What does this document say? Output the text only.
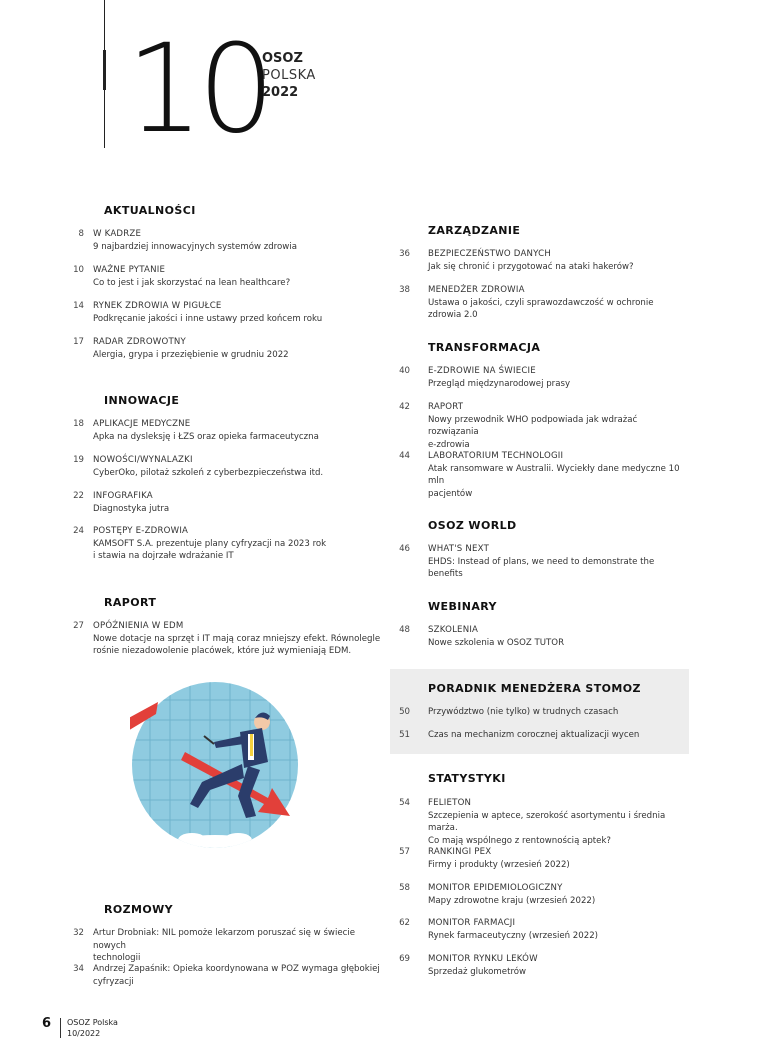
10
OSOZ
POLSKA
2022
AKTUALNOŚCI
8 W KADRZE
9 najbardziej innowacyjnych systemów zdrowia
10 WAŻNE PYTANIE
Co to jest i jak skorzystać na lean healthcare?
14 RYNEK ZDROWIA W PIGUŁCE
Podkręcanie jakości i inne ustawy przed końcem roku
17 RADAR ZDROWOTNY
Alergia, grypa i przeziębienie w grudniu 2022
INNOWACJE
18 APLIKACJE MEDYCZNE
Apka na dysleksję i ŁZS oraz opieka farmaceutyczna
19 NOWOŚCI/WYNALAZKI
CyberOko, pilotaż szkoleń z cyberbezpieczeństwa itd.
22 INFOGRAFIKA
Diagnostyka jutra
24 POSTĘPY E-ZDROWIA
KAMSOFT S.A. prezentuje plany cyfryzacji na 2023 rok
i stawia na dojrzałe wdrażanie IT
RAPORT
27 OPÓŹNIENIA W EDM
Nowe dotacje na sprzęt i IT mają coraz mniejszy efekt. Równolegle
rośnie niezadowolenie placówek, które już wymieniają EDM.
ROZMOWY
32 Artur Drobniak: NIL pomoże lekarzom poruszać się w świecie nowych
technologii
34 Andrzej Zapaśnik: Opieka koordynowana w POZ wymaga głębokiej
cyfryzacji
ZARZĄDZANIE
36 BEZPIECZEŃSTWO DANYCH
Jak się chronić i przygotować na ataki hakerów?
38 MENEDŻER ZDROWIA
Ustawa o jakości, czyli sprawozdawczość w ochronie zdrowia 2.0
TRANSFORMACJA
40 E-ZDROWIE NA ŚWIECIE
Przegląd międzynarodowej prasy
42 RAPORT
Nowy przewodnik WHO podpowiada jak wdrażać rozwiązania
e-zdrowia
44 LABORATORIUM TECHNOLOGII
Atak ransomware w Australii. Wyciekły dane medyczne 10 mln
pacjentów
OSOZ WORLD
46 WHAT'S NEXT
EHDS: Instead of plans, we need to demonstrate the benefits
WEBINARY
48 SZKOLENIA
Nowe szkolenia w OSOZ TUTOR
PORADNIK MENEDŻERA STOMOZ
50 Przywództwo (nie tylko) w trudnych czasach
51 Czas na mechanizm corocznej aktualizacji wycen
STATYSTYKI
54 FELIETON
Szczepienia w aptece, szerokość asortymentu i średnia marża.
Co mają wspólnego z rentownością aptek?
57 RANKINGI PEX
Firmy i produkty (wrzesień 2022)
58 MONITOR EPIDEMIOLOGICZNY
Mapy zdrowotne kraju (wrzesień 2022)
62 MONITOR FARMACJI
Rynek farmaceutyczny (wrzesień 2022)
69 MONITOR RYNKU LEKÓW
Sprzedaż glukometrów
6 OSOZ Polska
10/2022
